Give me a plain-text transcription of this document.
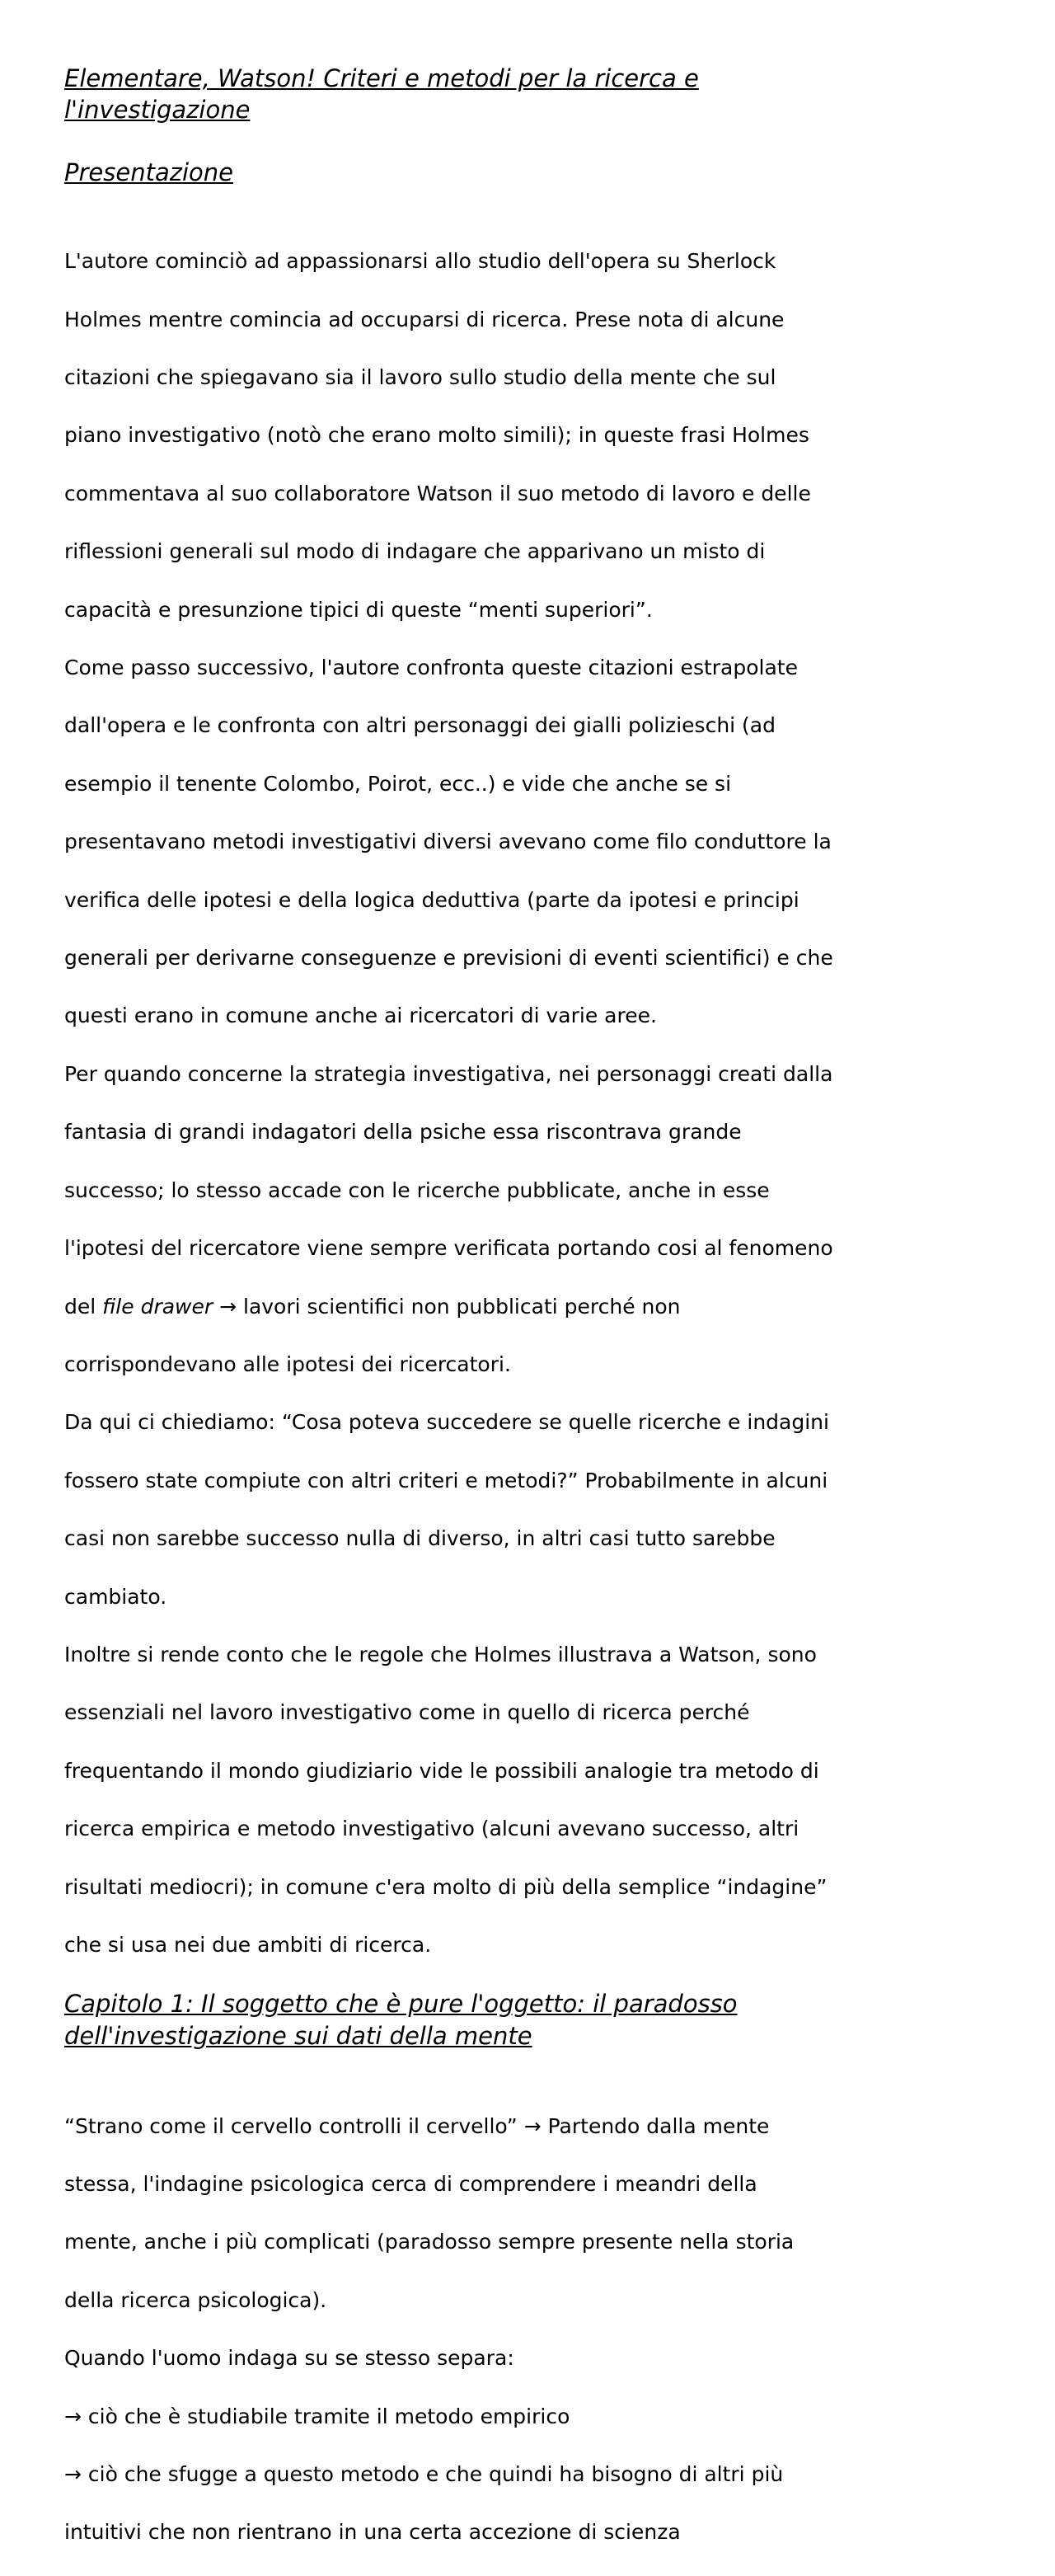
Elementare, Watson! Criteri e metodi per la ricerca e
l'investigazione
Presentazione

L'autore cominciò ad appassionarsi allo studio dell'opera su Sherlock

Holmes mentre comincia ad occuparsi di ricerca. Prese nota di alcune

citazioni che spiegavano sia il lavoro sullo studio della mente che sul

piano investigativo (notò che erano molto simili); in queste frasi Holmes

commentava al suo collaboratore Watson il suo metodo di lavoro e delle

riflessioni generali sul modo di indagare che apparivano un misto di

capacità e presunzione tipici di queste “menti superiori”.

Come passo successivo, l'autore confronta queste citazioni estrapolate

dall'opera e le confronta con altri personaggi dei gialli polizieschi (ad

esempio il tenente Colombo, Poirot, ecc..) e vide che anche se si

presentavano metodi investigativi diversi avevano come filo conduttore la

verifica delle ipotesi e della logica deduttiva (parte da ipotesi e principi

generali per derivarne conseguenze e previsioni di eventi scientifici) e che

questi erano in comune anche ai ricercatori di varie aree.

Per quando concerne la strategia investigativa, nei personaggi creati dalla

fantasia di grandi indagatori della psiche essa riscontrava grande

successo; lo stesso accade con le ricerche pubblicate, anche in esse

l'ipotesi del ricercatore viene sempre verificata portando cosi al fenomeno

del file drawer → lavori scientifici non pubblicati perché non

corrispondevano alle ipotesi dei ricercatori.

Da qui ci chiediamo: “Cosa poteva succedere se quelle ricerche e indagini

fossero state compiute con altri criteri e metodi?” Probabilmente in alcuni

casi non sarebbe successo nulla di diverso, in altri casi tutto sarebbe

cambiato.

Inoltre si rende conto che le regole che Holmes illustrava a Watson, sono

essenziali nel lavoro investigativo come in quello di ricerca perché

frequentando il mondo giudiziario vide le possibili analogie tra metodo di

ricerca empirica e metodo investigativo (alcuni avevano successo, altri

risultati mediocri); in comune c'era molto di più della semplice “indagine”

che si usa nei due ambiti di ricerca.

Capitolo 1: Il soggetto che è pure l'oggetto: il paradosso
dell'investigazione sui dati della mente

“Strano come il cervello controlli il cervello” → Partendo dalla mente

stessa, l'indagine psicologica cerca di comprendere i meandri della

mente, anche i più complicati (paradosso sempre presente nella storia

della ricerca psicologica).

Quando l'uomo indaga su se stesso separa:

→ ciò che è studiabile tramite il metodo empirico

→ ciò che sfugge a questo metodo e che quindi ha bisogno di altri più

intuitivi che non rientrano in una certa accezione di scienza
